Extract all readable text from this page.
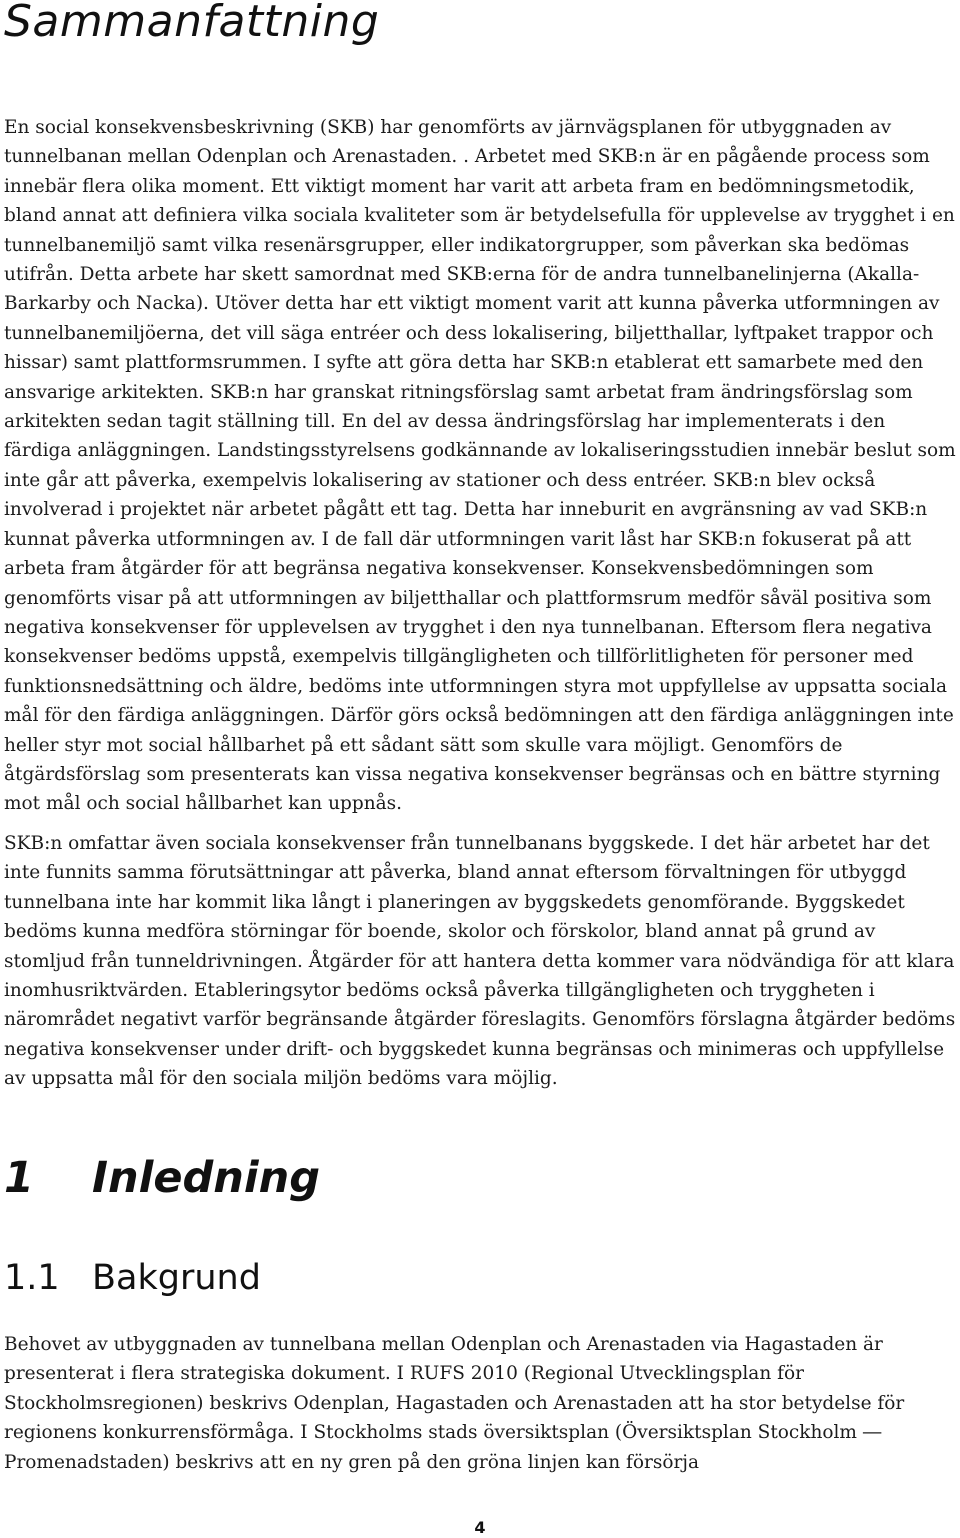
Sammanfattning

En social konsekvensbeskrivning (SKB) har genomförts av järnvägsplanen för utbyggnaden av tunnelbanan mellan Odenplan och Arenastaden. . Arbetet med SKB:n är en pågående process som innebär flera olika moment. Ett viktigt moment har varit att arbeta fram en bedömningsmetodik, bland annat att definiera vilka sociala kvaliteter som är betydelsefulla för upplevelse av trygghet i en tunnelbanemiljö samt vilka resenärsgrupper, eller indikatorgrupper, som påverkan ska bedömas utifrån. Detta arbete har skett samordnat med SKB:erna för de andra tunnelbanelinjerna (Akalla-Barkarby och Nacka). Utöver detta har ett viktigt moment varit att kunna påverka utformningen av tunnelbanemiljöerna, det vill säga entréer och dess lokalisering, biljetthallar, lyftpaket trappor och hissar) samt plattformsrummen. I syfte att göra detta har SKB:n etablerat ett samarbete med den ansvarige arkitekten. SKB:n har granskat ritningsförslag samt arbetat fram ändringsförslag som arkitekten sedan tagit ställning till. En del av dessa ändringsförslag har implementerats i den färdiga anläggningen. Landstingsstyrelsens godkännande av lokaliseringsstudien innebär beslut som inte går att påverka, exempelvis lokalisering av stationer och dess entréer. SKB:n blev också involverad i projektet när arbetet pågått ett tag. Detta har inneburit en avgränsning av vad SKB:n kunnat påverka utformningen av. I de fall där utformningen varit låst har SKB:n fokuserat på att arbeta fram åtgärder för att begränsa negativa konsekvenser. Konsekvensbedömningen som genomförts visar på att utformningen av biljetthallar och plattformsrum medför såväl positiva som negativa konsekvenser för upplevelsen av trygghet i den nya tunnelbanan. Eftersom flera negativa konsekvenser bedöms uppstå, exempelvis tillgängligheten och tillförlitligheten för personer med funktionsnedsättning och äldre, bedöms inte utformningen styra mot uppfyllelse av uppsatta sociala mål för den färdiga anläggningen. Därför görs också bedömningen att den färdiga anläggningen inte heller styr mot social hållbarhet på ett sådant sätt som skulle vara möjligt. Genomförs de åtgärdsförslag som presenterats kan vissa negativa konsekvenser begränsas och en bättre styrning mot mål och social hållbarhet kan uppnås.

SKB:n omfattar även sociala konsekvenser från tunnelbanans byggskede. I det här arbetet har det inte funnits samma förutsättningar att påverka, bland annat eftersom förvaltningen för utbyggd tunnelbana inte har kommit lika långt i planeringen av byggskedets genomförande. Byggskedet bedöms kunna medföra störningar för boende, skolor och förskolor, bland annat på grund av stomljud från tunneldrivningen. Åtgärder för att hantera detta kommer vara nödvändiga för att klara inomhusriktvärden. Etableringsytor bedöms också påverka tillgängligheten och tryggheten i närområdet negativt varför begränsande åtgärder föreslagits. Genomförs förslagna åtgärder bedöms negativa konsekvenser under drift- och byggskedet kunna begränsas och minimeras och uppfyllelse av uppsatta mål för den sociala miljön bedöms vara möjlig.

1 Inledning
1.1 Bakgrund

Behovet av utbyggnaden av tunnelbana mellan Odenplan och Arenastaden via Hagastaden är presenterat i flera strategiska dokument. I RUFS 2010 (Regional Utvecklingsplan för Stockholmsregionen) beskrivs Odenplan, Hagastaden och Arenastaden att ha stor betydelse för regionens konkurrensförmåga. I Stockholms stads översiktsplan (Översiktsplan Stockholm ― Promenadstaden) beskrivs att en ny gren på den gröna linjen kan försörja

4
